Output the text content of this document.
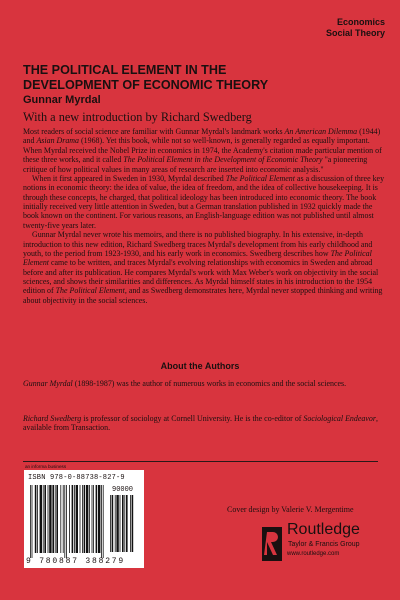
Economics
Social Theory
THE POLITICAL ELEMENT IN THE
DEVELOPMENT OF ECONOMIC THEORY
Gunnar Myrdal
With a new introduction by Richard Swedberg

Most readers of social science are familiar with Gunnar Myrdal's landmark works An American Dilemma (1944) and Asian Drama (1968). Yet this book, while not so well-known, is generally regarded as equally important. When Myrdal received the Nobel Prize in economics in 1974, the Academy's citation made particular mention of these three works, and it called The Political Element in the Development of Economic Theory "a pioneering critique of how political values in many areas of research are inserted into economic analysis."

When it first appeared in Sweden in 1930, Myrdal described The Political Element as a discussion of three key notions in economic theory: the idea of value, the idea of freedom, and the idea of collective housekeeping. It is through these concepts, he charged, that political ideology has been introduced into economic theory. The book initially received very little attention in Sweden, but a German translation published in 1932 quickly made the book known on the continent. For various reasons, an English-language edition was not published until almost twenty-five years later.

Gunnar Myrdal never wrote his memoirs, and there is no published biography. In his extensive, in-depth introduction to this new edition, Richard Swedberg traces Myrdal's development from his early childhood and youth, to the period from 1923-1930, and his early work in economics. Swedberg describes how The Political Element came to be written, and traces Myrdal's evolving relationships with economics in Sweden and abroad before and after its publication. He compares Myrdal's work with Max Weber's work on objectivity in the social sciences, and shows their similarities and differences. As Myrdal himself states in his introduction to the 1954 edition of The Political Element, and as Swedberg demonstrates here, Myrdal never stopped thinking and writing about objectivity in the social sciences.

About the Authors
Gunnar Myrdal (1898-1987) was the author of numerous works in economics and the social sciences.
Richard Swedberg is professor of sociology at Cornell University. He is the co-editor of Sociological Endeavor, available from Transaction.
an informa business
ISBN 978-0-88738-827-9
90000
9 780887 388279
Cover design by Valerie V. Mergentime
Routledge
Taylor & Francis Group
www.routledge.com
